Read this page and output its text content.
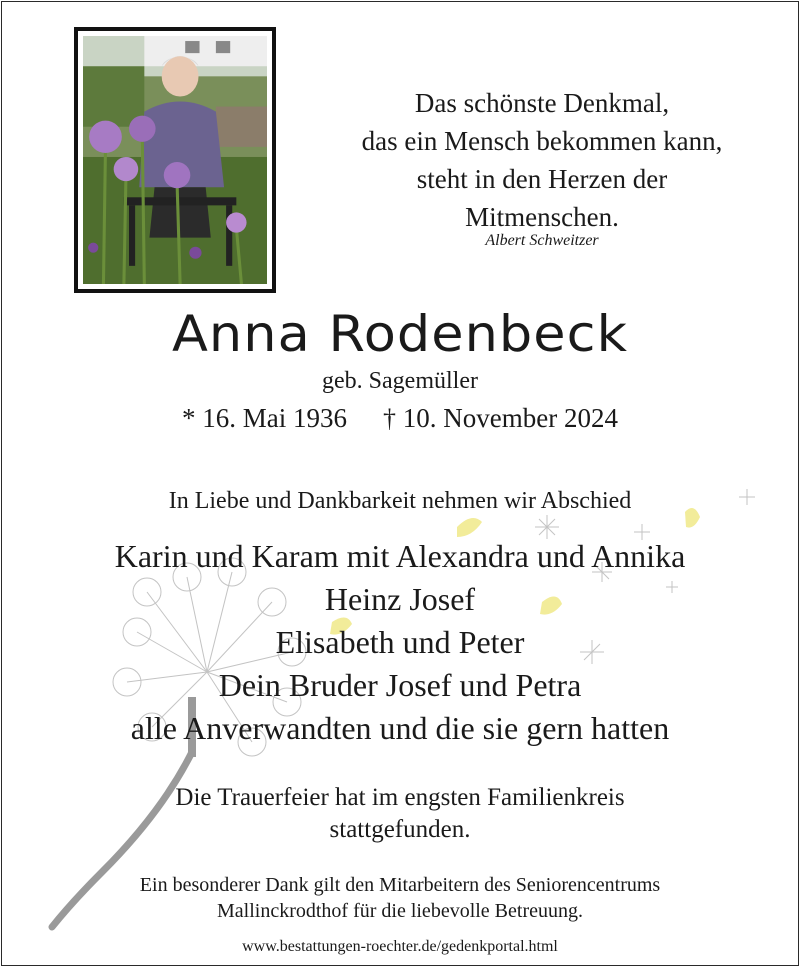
Das schönste Denkmal,
das ein Mensch bekommen kann,
steht in den Herzen der
Mitmenschen.
Albert Schweitzer
Anna Rodenbeck
geb. Sagemüller
* 16. Mai 1936 † 10. November 2024
In Liebe und Dankbarkeit nehmen wir Abschied
Karin und Karam mit Alexandra und Annika
Heinz Josef
Elisabeth und Peter
Dein Bruder Josef und Petra
alle Anverwandten und die sie gern hatten
Die Trauerfeier hat im engsten Familienkreis
stattgefunden.
Ein besonderer Dank gilt den Mitarbeitern des Seniorencentrums
Mallinckrodthof für die liebevolle Betreuung.
www.bestattungen-roechter.de/gedenkportal.html
